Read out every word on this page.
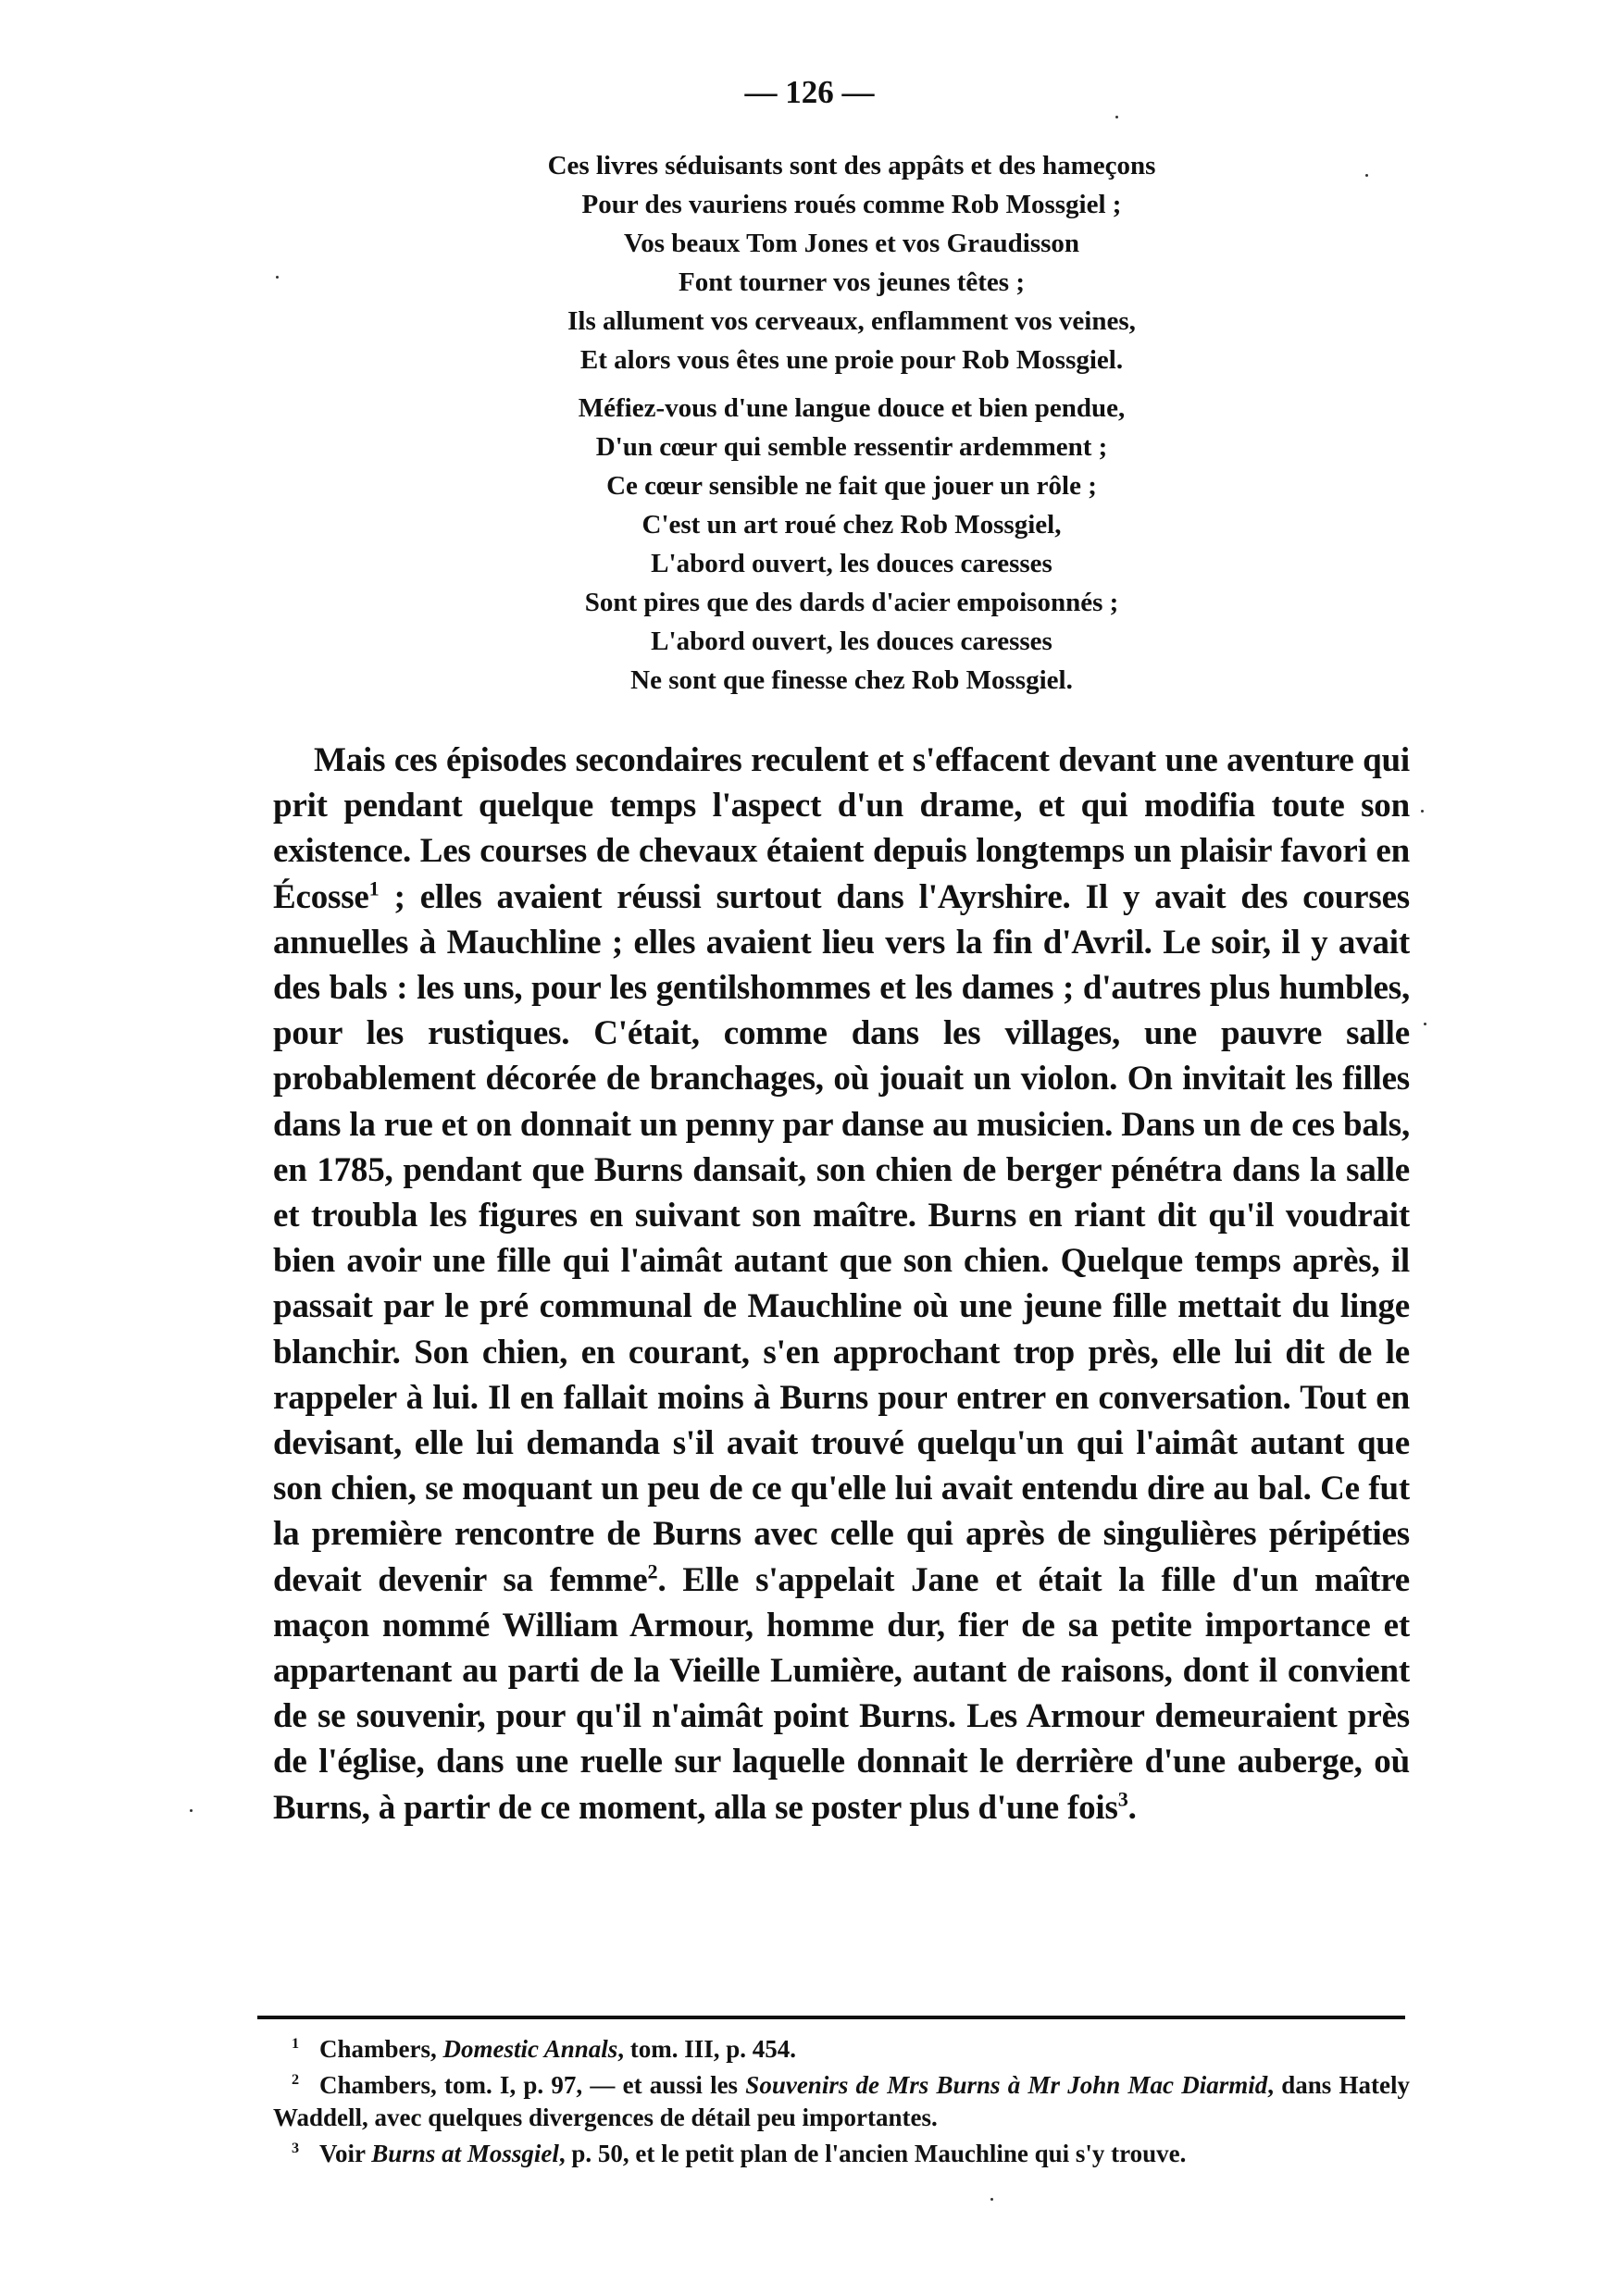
— 126 —
Ces livres séduisants sont des appâts et des hameçons
Pour des vauriens roués comme Rob Mossgiel ;
Vos beaux Tom Jones et vos Graudisson
Font tourner vos jeunes têtes ;
Ils allument vos cerveaux, enflamment vos veines,
Et alors vous êtes une proie pour Rob Mossgiel.
Méfiez-vous d'une langue douce et bien pendue,
D'un cœur qui semble ressentir ardemment ;
Ce cœur sensible ne fait que jouer un rôle ;
C'est un art roué chez Rob Mossgiel,
L'abord ouvert, les douces caresses
Sont pires que des dards d'acier empoisonnés ;
L'abord ouvert, les douces caresses
Ne sont que finesse chez Rob Mossgiel.

Mais ces épisodes secondaires reculent et s'effacent devant une aventure qui prit pendant quelque temps l'aspect d'un drame, et qui modifia toute son existence. Les courses de chevaux étaient depuis longtemps un plaisir favori en Écosse$^1$ ; elles avaient réussi surtout dans l'Ayrshire. Il y avait des courses annuelles à Mauchline ; elles avaient lieu vers la fin d'Avril. Le soir, il y avait des bals : les uns, pour les gentilshommes et les dames ; d'autres plus humbles, pour les rustiques. C'était, comme dans les villages, une pauvre salle probablement décorée de branchages, où jouait un violon. On invitait les filles dans la rue et on donnait un penny par danse au musicien. Dans un de ces bals, en 1785, pendant que Burns dansait, son chien de berger pénétra dans la salle et troubla les figures en suivant son maître. Burns en riant dit qu'il voudrait bien avoir une fille qui l'aimât autant que son chien. Quelque temps après, il passait par le pré communal de Mauchline où une jeune fille mettait du linge blanchir. Son chien, en courant, s'en approchant trop près, elle lui dit de le rappeler à lui. Il en fallait moins à Burns pour entrer en conversation. Tout en devisant, elle lui demanda s'il avait trouvé quelqu'un qui l'aimât autant que son chien, se moquant un peu de ce qu'elle lui avait entendu dire au bal. Ce fut la première rencontre de Burns avec celle qui après de singulières péripéties devait devenir sa femme$^2$. Elle s'appelait Jane et était la fille d'un maître maçon nommé William Armour, homme dur, fier de sa petite importance et appartenant au parti de la Vieille Lumière, autant de raisons, dont il convient de se souvenir, pour qu'il n'aimât point Burns. Les Armour demeuraient près de l'église, dans une ruelle sur laquelle donnait le derrière d'une auberge, où Burns, à partir de ce moment, alla se poster plus d'une fois$^3$.

$^1$ Chambers, Domestic Annals, tom. III, p. 454.

$^2$ Chambers, tom. I, p. 97, — et aussi les Souvenirs de Mrs Burns à Mr John Mac Diarmid, dans Hately Waddell, avec quelques divergences de détail peu importantes.

$^3$ Voir Burns at Mossgiel, p. 50, et le petit plan de l'ancien Mauchline qui s'y trouve.
